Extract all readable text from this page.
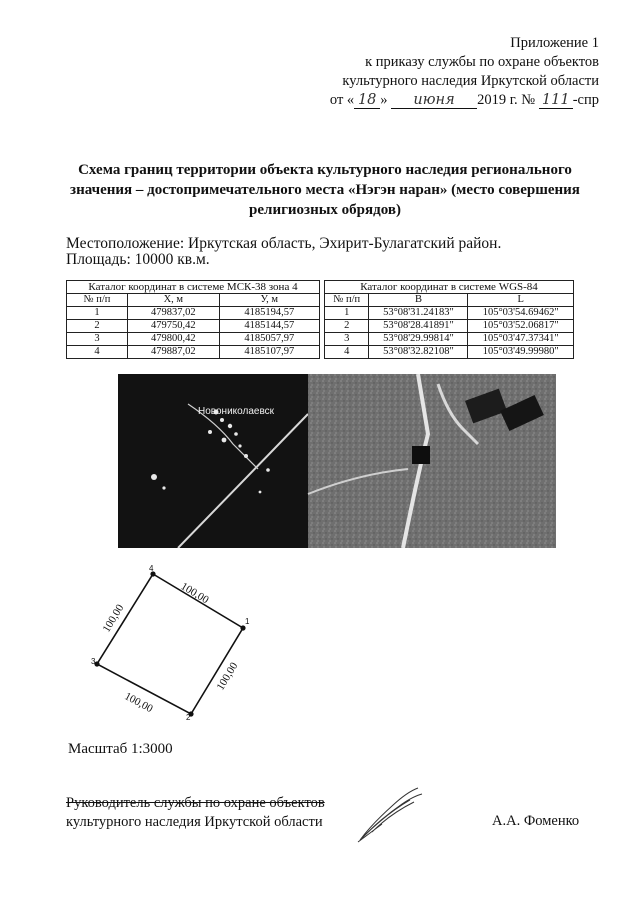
Приложение 1
к приказу службы по охране объектов
культурного наследия Иркутской области
от « 18 » июня 2019 г. № 111 -спр
Схема границ территории объекта культурного наследия регионального значения – достопримечательного места «Нэгэн наран» (место совершения религиозных обрядов)
Местоположение: Иркутская область, Эхирит-Булагатский район.
Площадь: 10000 кв.м.
Каталог координат в системе МСК-38 зона 4		
№ п/п	X, м	У, м
1	479837,02	4185194,57
2	479750,42	4185144,57
3	479800,42	4185057,97
4	479887,02	4185107,97
Каталог координат в системе WGS-84		
№ п/п	B	L
1	53°08'31.24183"	105°03'54.69462"
2	53°08'28.41891"	105°03'52.06817"
3	53°08'29.99814"	105°03'47.37341"
4	53°08'32.82108"	105°03'49.99980"
Новониколаевск
1
2
3
4
100,00
100,00
100,00
100,00
Масштаб 1:3000
Руководитель службы по охране объектов
культурного наследия Иркутской области	А.А. Фоменко
